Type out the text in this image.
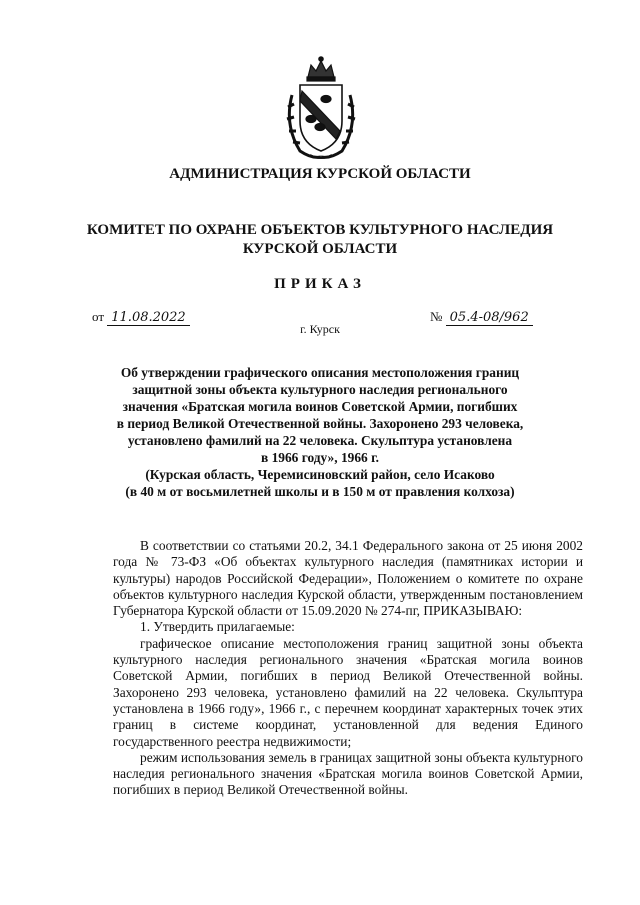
АДМИНИСТРАЦИЯ КУРСКОЙ ОБЛАСТИ
КОМИТЕТ ПО ОХРАНЕ ОБЪЕКТОВ КУЛЬТУРНОГО НАСЛЕДИЯ
КУРСКОЙ ОБЛАСТИ
ПРИКАЗ
от 11.08.2022	№ 05.4-08/962
г. Курск
Об утверждении графического описания местоположения границ
защитной зоны объекта культурного наследия регионального
значения «Братская могила воинов Советской Армии, погибших
в период Великой Отечественной войны. Захоронено 293 человека,
установлено фамилий на 22 человека. Скульптура установлена
в 1966 году», 1966 г.
(Курская область, Черемисиновский район, село Исаково
(в 40 м от восьмилетней школы и в 150 м от правления колхоза)

В соответствии со статьями 20.2, 34.1 Федерального закона от 25 июня 2002 года № 73-ФЗ «Об объектах культурного наследия (памятниках истории и культуры) народов Российской Федерации», Положением о комитете по охране объектов культурного наследия Курской области, утвержденным постановлением Губернатора Курской области от 15.09.2020 № 274-пг, ПРИКАЗЫВАЮ:

1. Утвердить прилагаемые:

графическое описание местоположения границ защитной зоны объекта культурного наследия регионального значения «Братская могила воинов Советской Армии, погибших в период Великой Отечественной войны. Захоронено 293 человека, установлено фамилий на 22 человека. Скульптура установлена в 1966 году», 1966 г., с перечнем координат характерных точек этих границ в системе координат, установленной для ведения Единого государственного реестра недвижимости;

режим использования земель в границах защитной зоны объекта культурного наследия регионального значения «Братская могила воинов Советской Армии, погибших в период Великой Отечественной войны.
